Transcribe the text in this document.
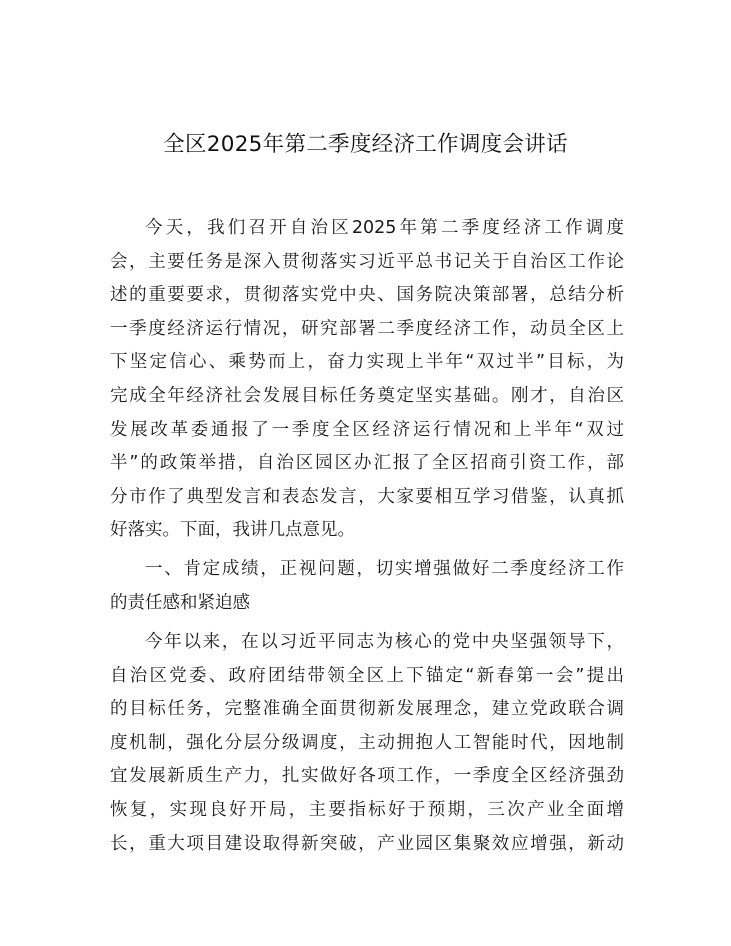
全区2025年第二季度经济工作调度会讲话
今天，我们召开自治区2025年第二季度经济工作调度
会，主要任务是深入贯彻落实习近平总书记关于自治区工作论
述的重要要求，贯彻落实党中央、国务院决策部署，总结分析
一季度经济运行情况，研究部署二季度经济工作，动员全区上
下坚定信心、乘势而上，奋力实现上半年“双过半”目标，为
完成全年经济社会发展目标任务奠定坚实基础。刚才，自治区
发展改革委通报了一季度全区经济运行情况和上半年“双过
半”的政策举措，自治区园区办汇报了全区招商引资工作，部
分市作了典型发言和表态发言，大家要相互学习借鉴，认真抓
好落实。下面，我讲几点意见。
一、肯定成绩，正视问题，切实增强做好二季度经济工作
的责任感和紧迫感
今年以来，在以习近平同志为核心的党中央坚强领导下，
自治区党委、政府团结带领全区上下锚定“新春第一会”提出
的目标任务，完整准确全面贯彻新发展理念，建立党政联合调
度机制，强化分层分级调度，主动拥抱人工智能时代，因地制
宜发展新质生产力，扎实做好各项工作，一季度全区经济强劲
恢复，实现良好开局，主要指标好于预期，三次产业全面增
长，重大项目建设取得新突破，产业园区集聚效应增强，新动
